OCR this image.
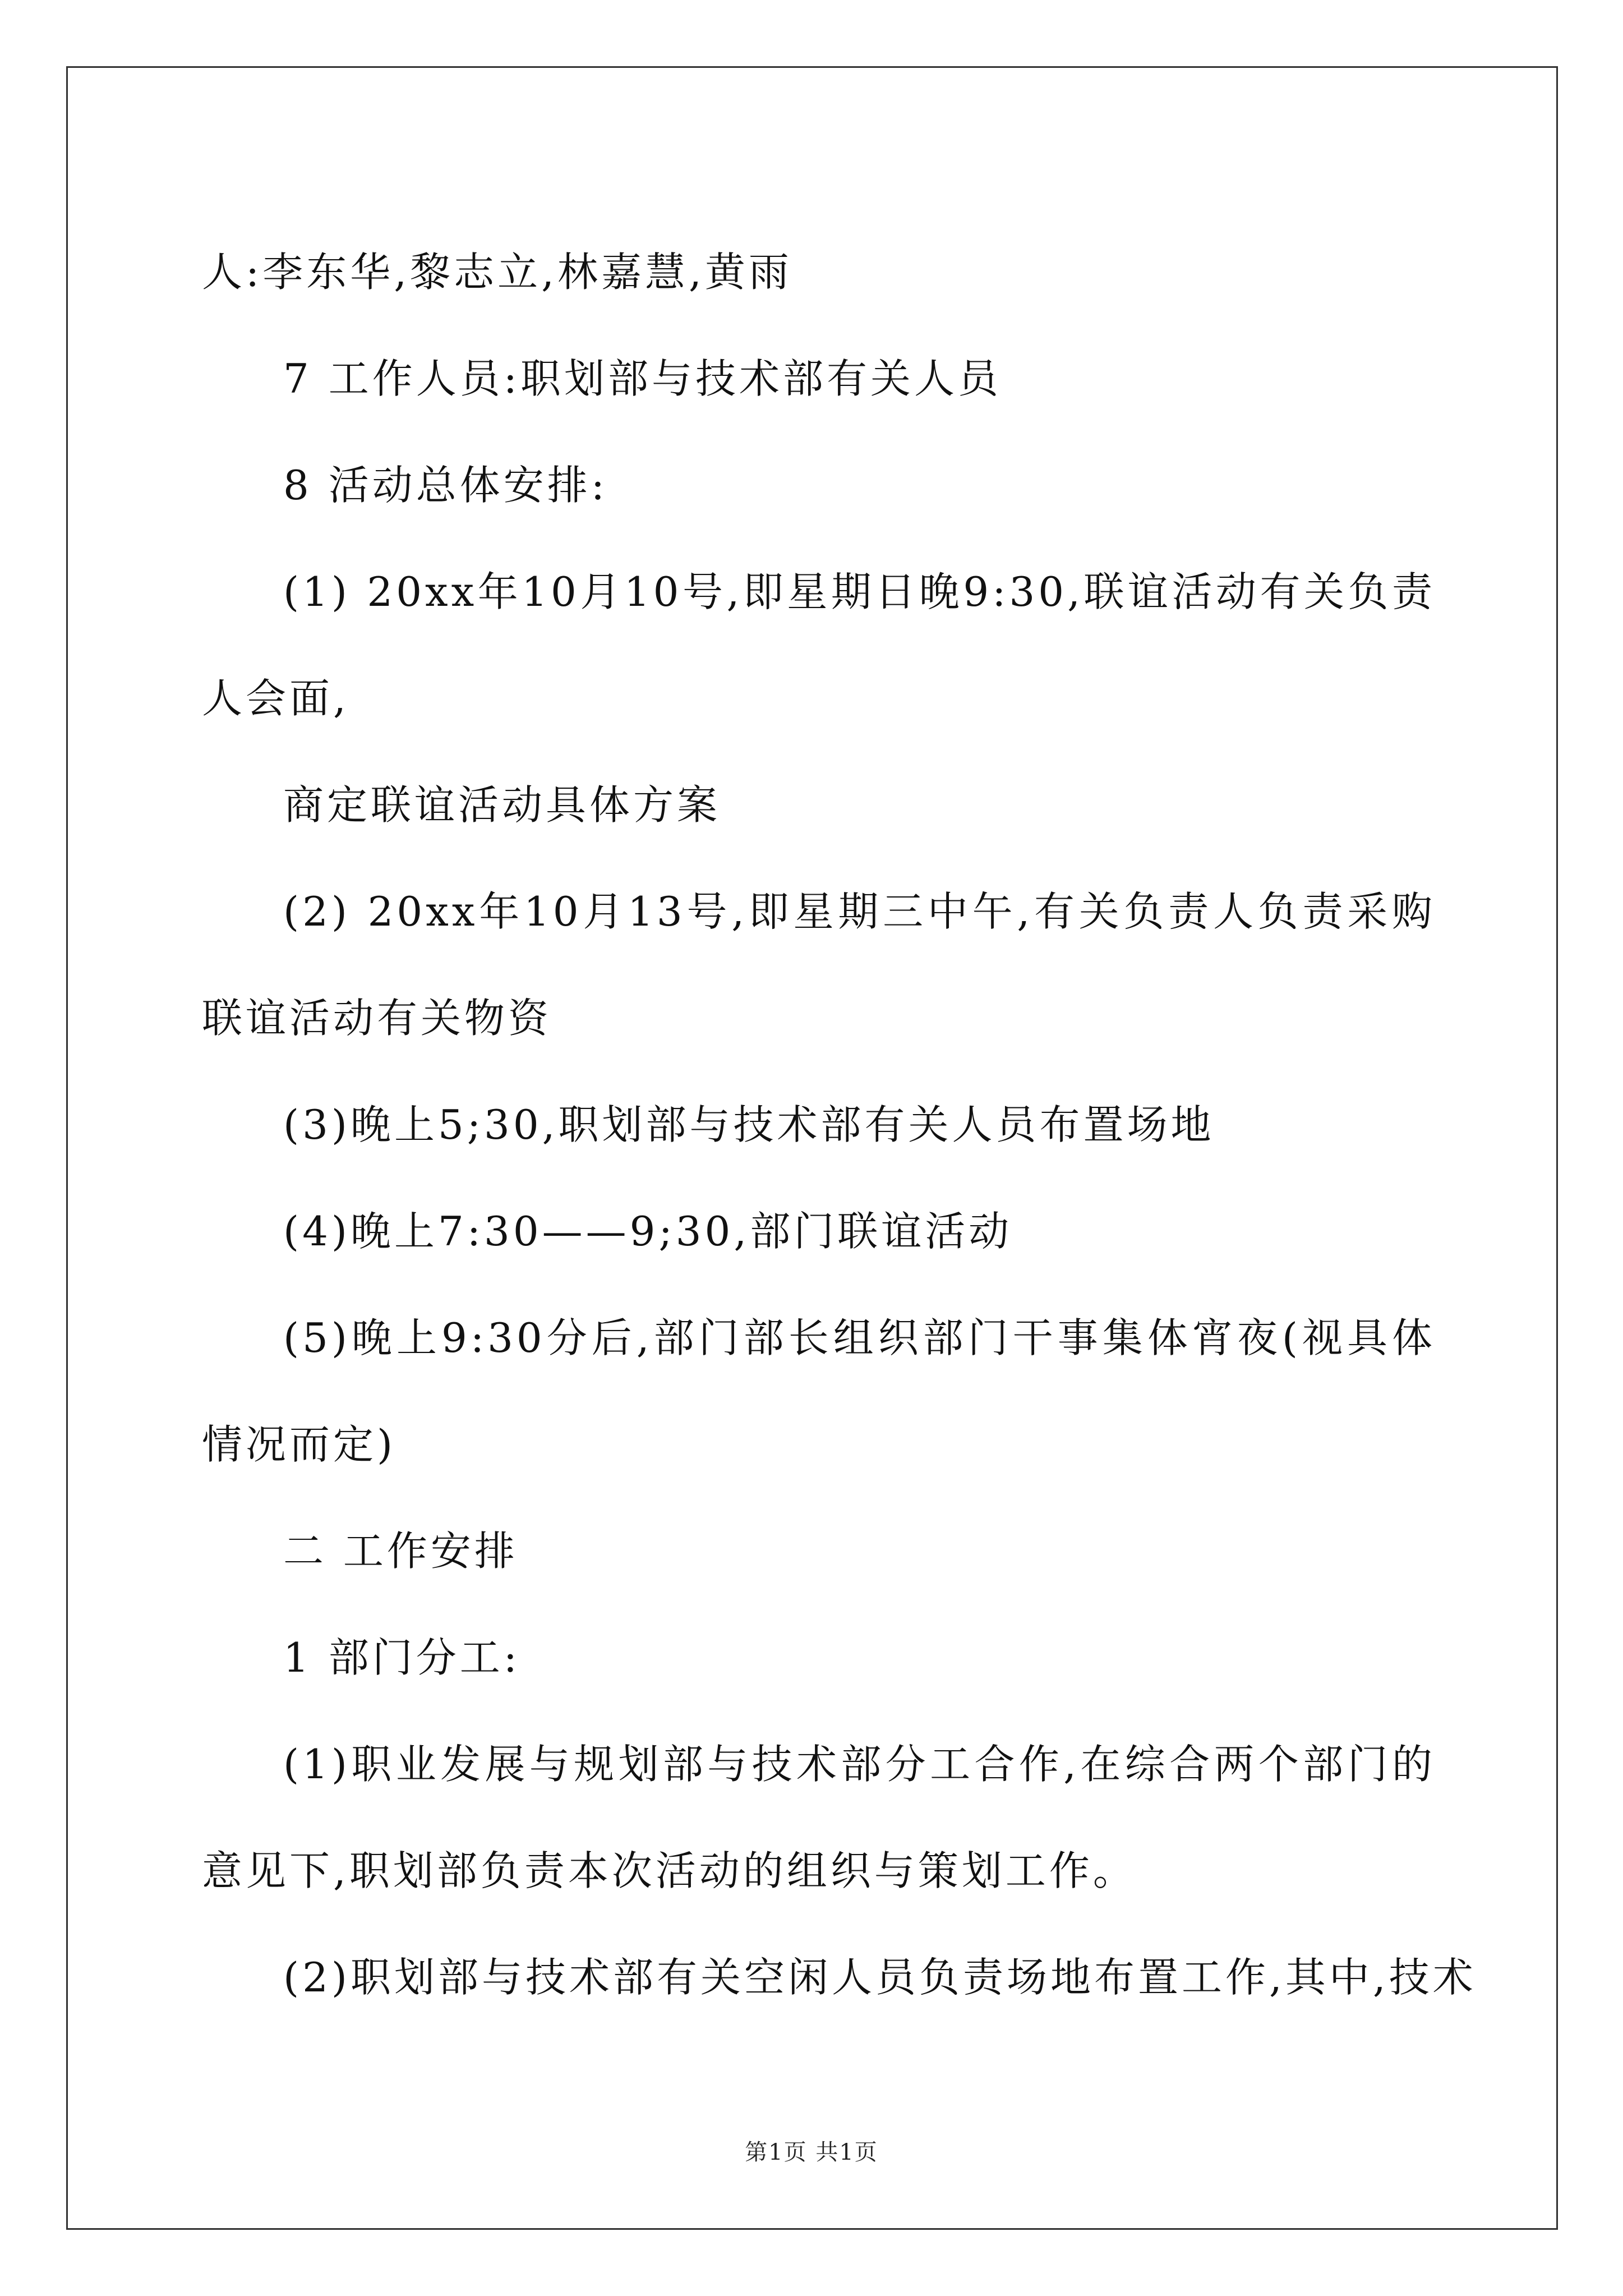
人:李东华,黎志立,林嘉慧,黄雨

7 工作人员:职划部与技术部有关人员

8 活动总体安排:

(1) 20xx年10月10号,即星期日晚9:30,联谊活动有关负责人会面,

商定联谊活动具体方案

(2) 20xx年10月13号,即星期三中午,有关负责人负责采购联谊活动有关物资

(3)晚上5;30,职划部与技术部有关人员布置场地

(4)晚上7:30——9;30,部门联谊活动

(5)晚上9:30分后,部门部长组织部门干事集体宵夜(视具体情况而定)

二 工作安排

1 部门分工:

(1)职业发展与规划部与技术部分工合作,在综合两个部门的意见下,职划部负责本次活动的组织与策划工作。

(2)职划部与技术部有关空闲人员负责场地布置工作,其中,技术

第1页 共1页
